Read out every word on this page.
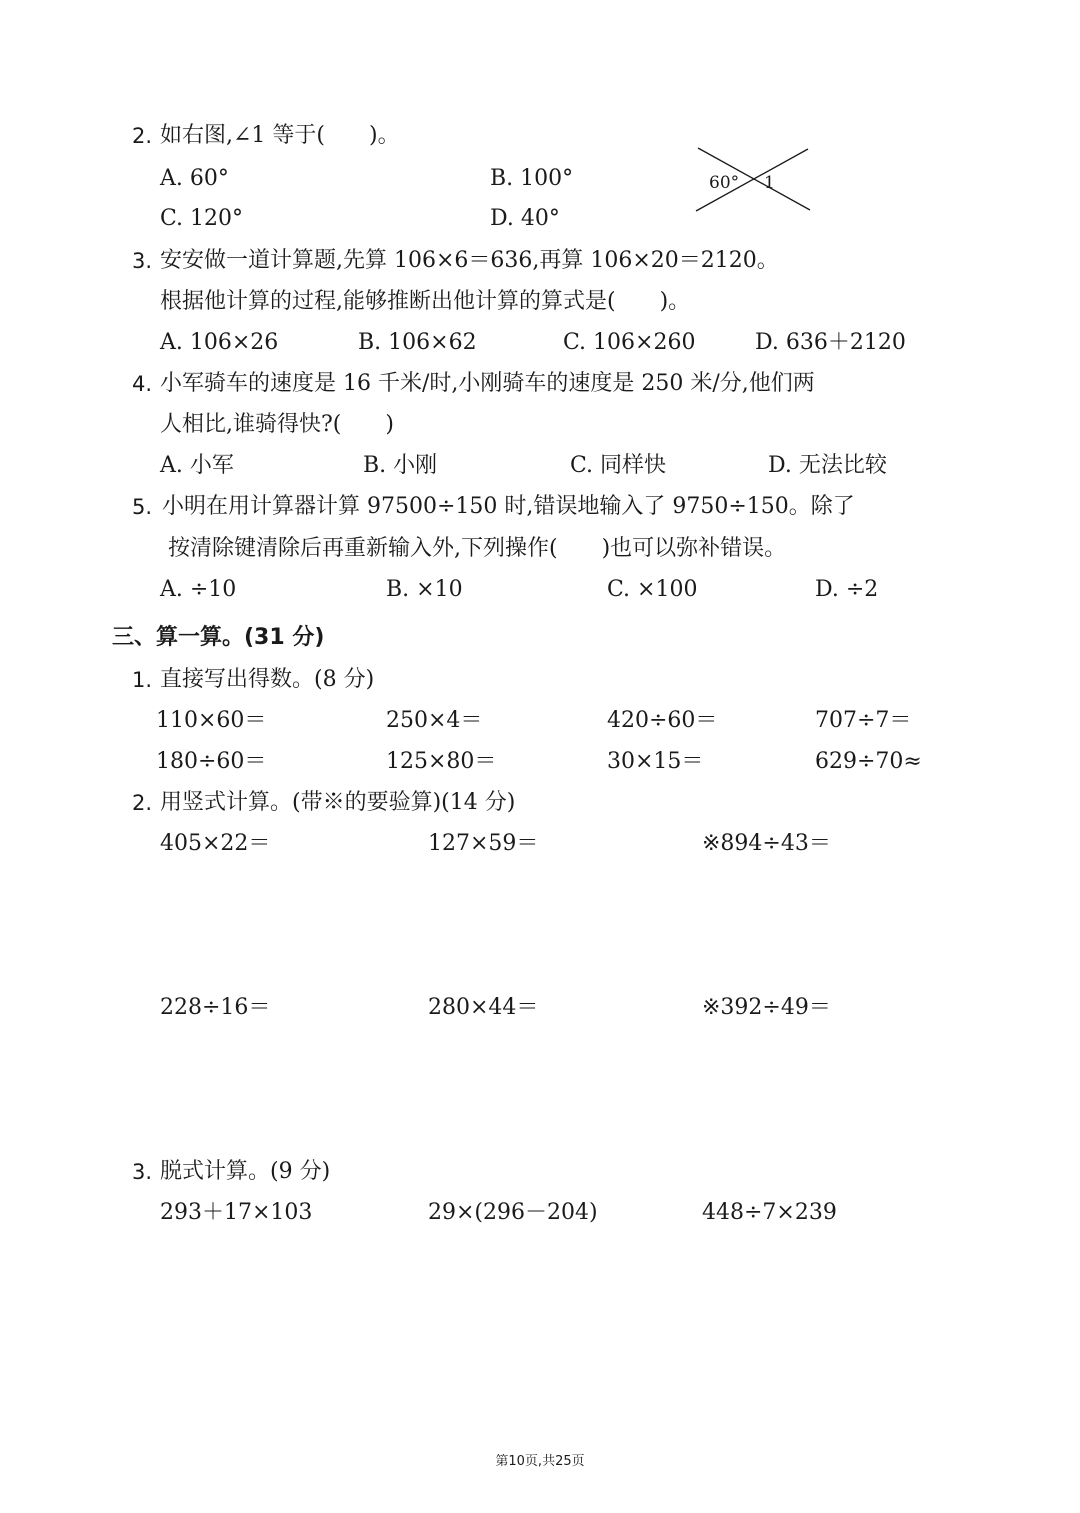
2. 如右图,∠1 等于(　　)。
A. 60°	B. 100°
C. 120°	D. 40°
60° 1
3. 安安做一道计算题,先算 106×6＝636,再算 106×20＝2120。
根据他计算的过程,能够推断出他计算的算式是(　　)。
A. 106×26	B. 106×62	C. 106×260	D. 636＋2120
4. 小军骑车的速度是 16 千米/时,小刚骑车的速度是 250 米/分,他们两
人相比,谁骑得快?(　　)
A. 小军	B. 小刚	C. 同样快	D. 无法比较
5. 小明在用计算器计算 97500÷150 时,错误地输入了 9750÷150。除了
按清除键清除后再重新输入外,下列操作(　　)也可以弥补错误。
A. ÷10	B. ×10	C. ×100	D. ÷2
三、算一算。(31 分)
1. 直接写出得数。(8 分)
110×60＝	250×4＝	420÷60＝	707÷7＝
180÷60＝	125×80＝	30×15＝	629÷70≈
2. 用竖式计算。(带※的要验算)(14 分)
405×22＝	127×59＝	※894÷43＝
228÷16＝	280×44＝	※392÷49＝
3. 脱式计算。(9 分)
293＋17×103	29×(296－204)	448÷7×239
第10页,共25页
